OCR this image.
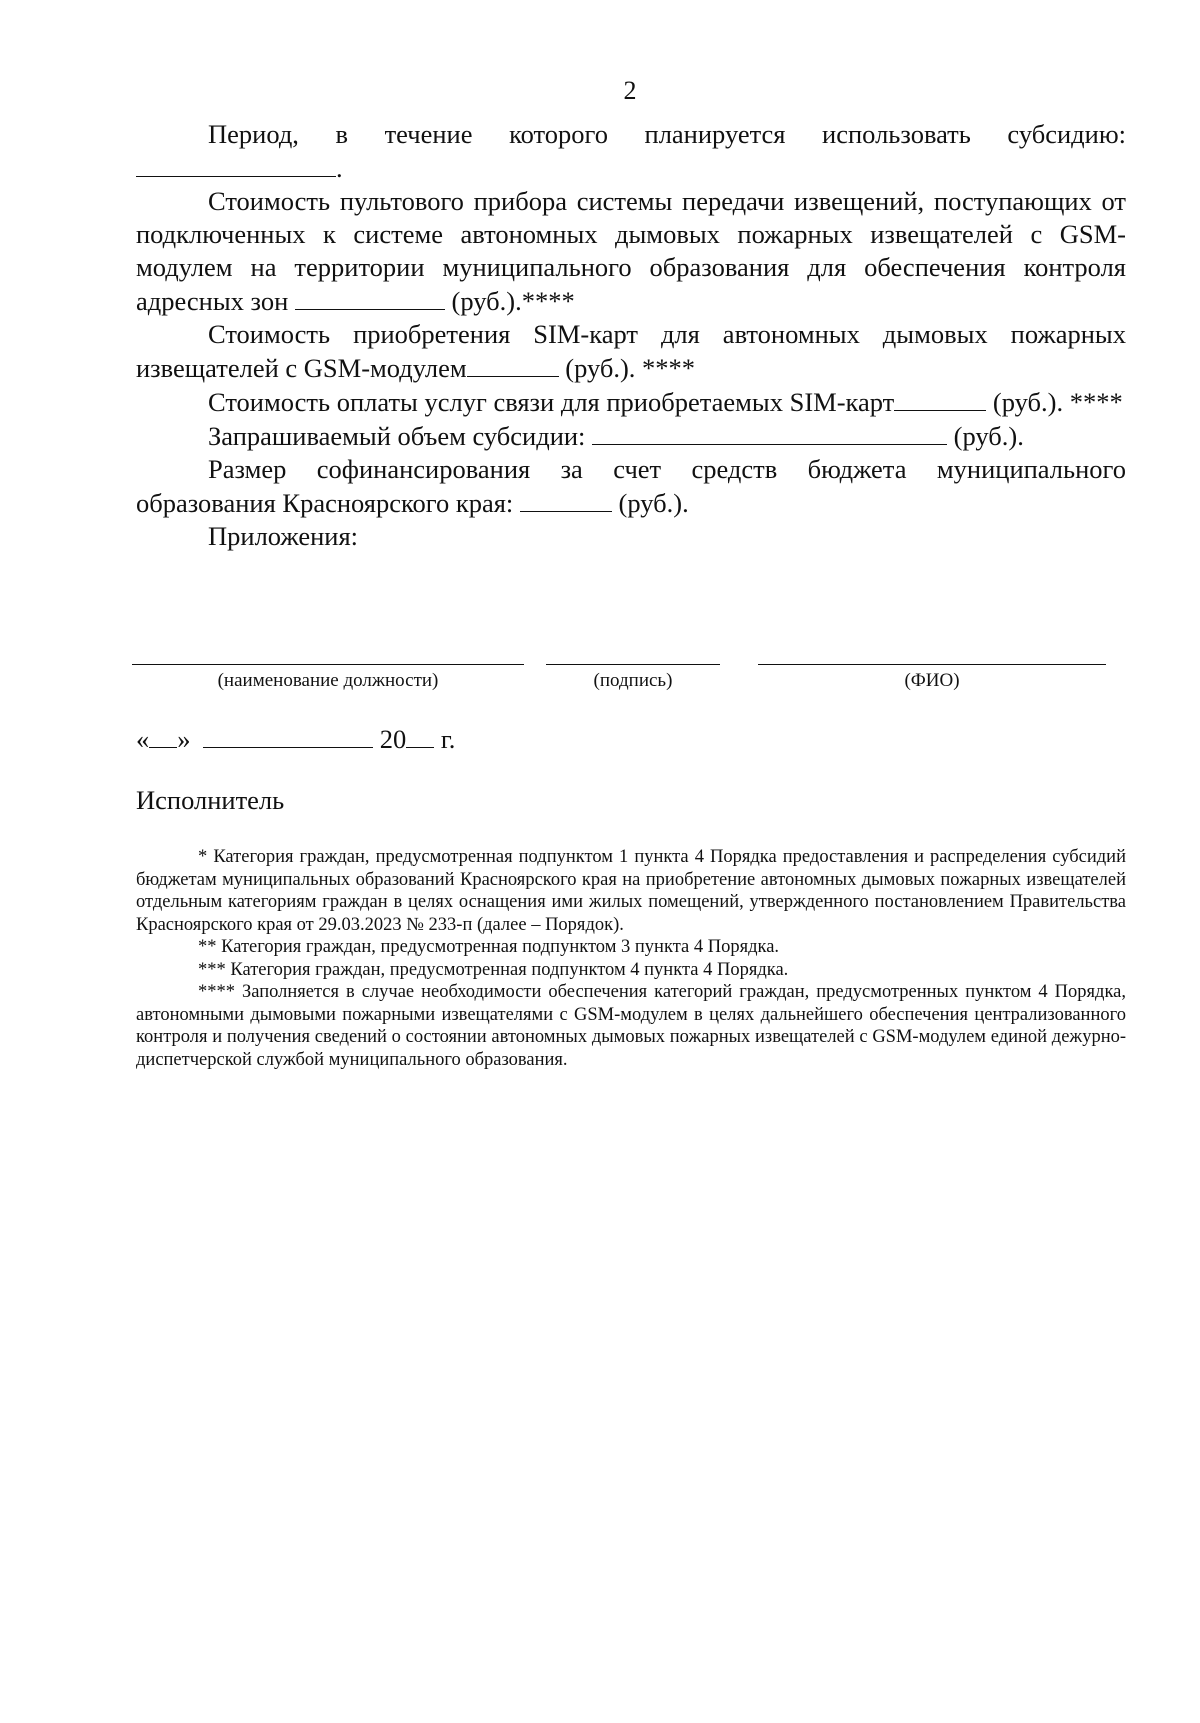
2

Период, в течение которого планируется использовать субсидию:

.

Стоимость пультового прибора системы передачи извещений, поступающих от подключенных к системе автономных дымовых пожарных извещателей с GSM-модулем на территории муниципального образования для обеспечения контроля адресных зон	(руб.).****

Стоимость приобретения SIM-карт для автономных дымовых пожарных извещателей с GSM-модулем	(руб.). ****

Стоимость оплаты услуг связи для приобретаемых SIM-карт	(руб.). ****

Запрашиваемый объем субсидии:	(руб.).

Размер софинансирования за счет средств бюджета муниципального образования Красноярского края:	(руб.).

Приложения:

(наименование должности)	(подпись)	(ФИО)
« »	20 г.
Исполнитель

* Категория граждан, предусмотренная подпунктом 1 пункта 4 Порядка предоставления и распределения субсидий бюджетам муниципальных образований Красноярского края на приобретение автономных дымовых пожарных извещателей отдельным категориям граждан в целях оснащения ими жилых помещений, утвержденного постановлением Правительства Красноярского края от 29.03.2023 № 233-п (далее – Порядок).

** Категория граждан, предусмотренная подпунктом 3 пункта 4 Порядка.

*** Категория граждан, предусмотренная подпунктом 4 пункта 4 Порядка.

**** Заполняется в случае необходимости обеспечения категорий граждан, предусмотренных пунктом 4 Порядка, автономными дымовыми пожарными извещателями с GSM-модулем в целях дальнейшего обеспечения централизованного контроля и получения сведений о состоянии автономных дымовых пожарных извещателей с GSM-модулем единой дежурно-диспетчерской службой муниципального образования.
